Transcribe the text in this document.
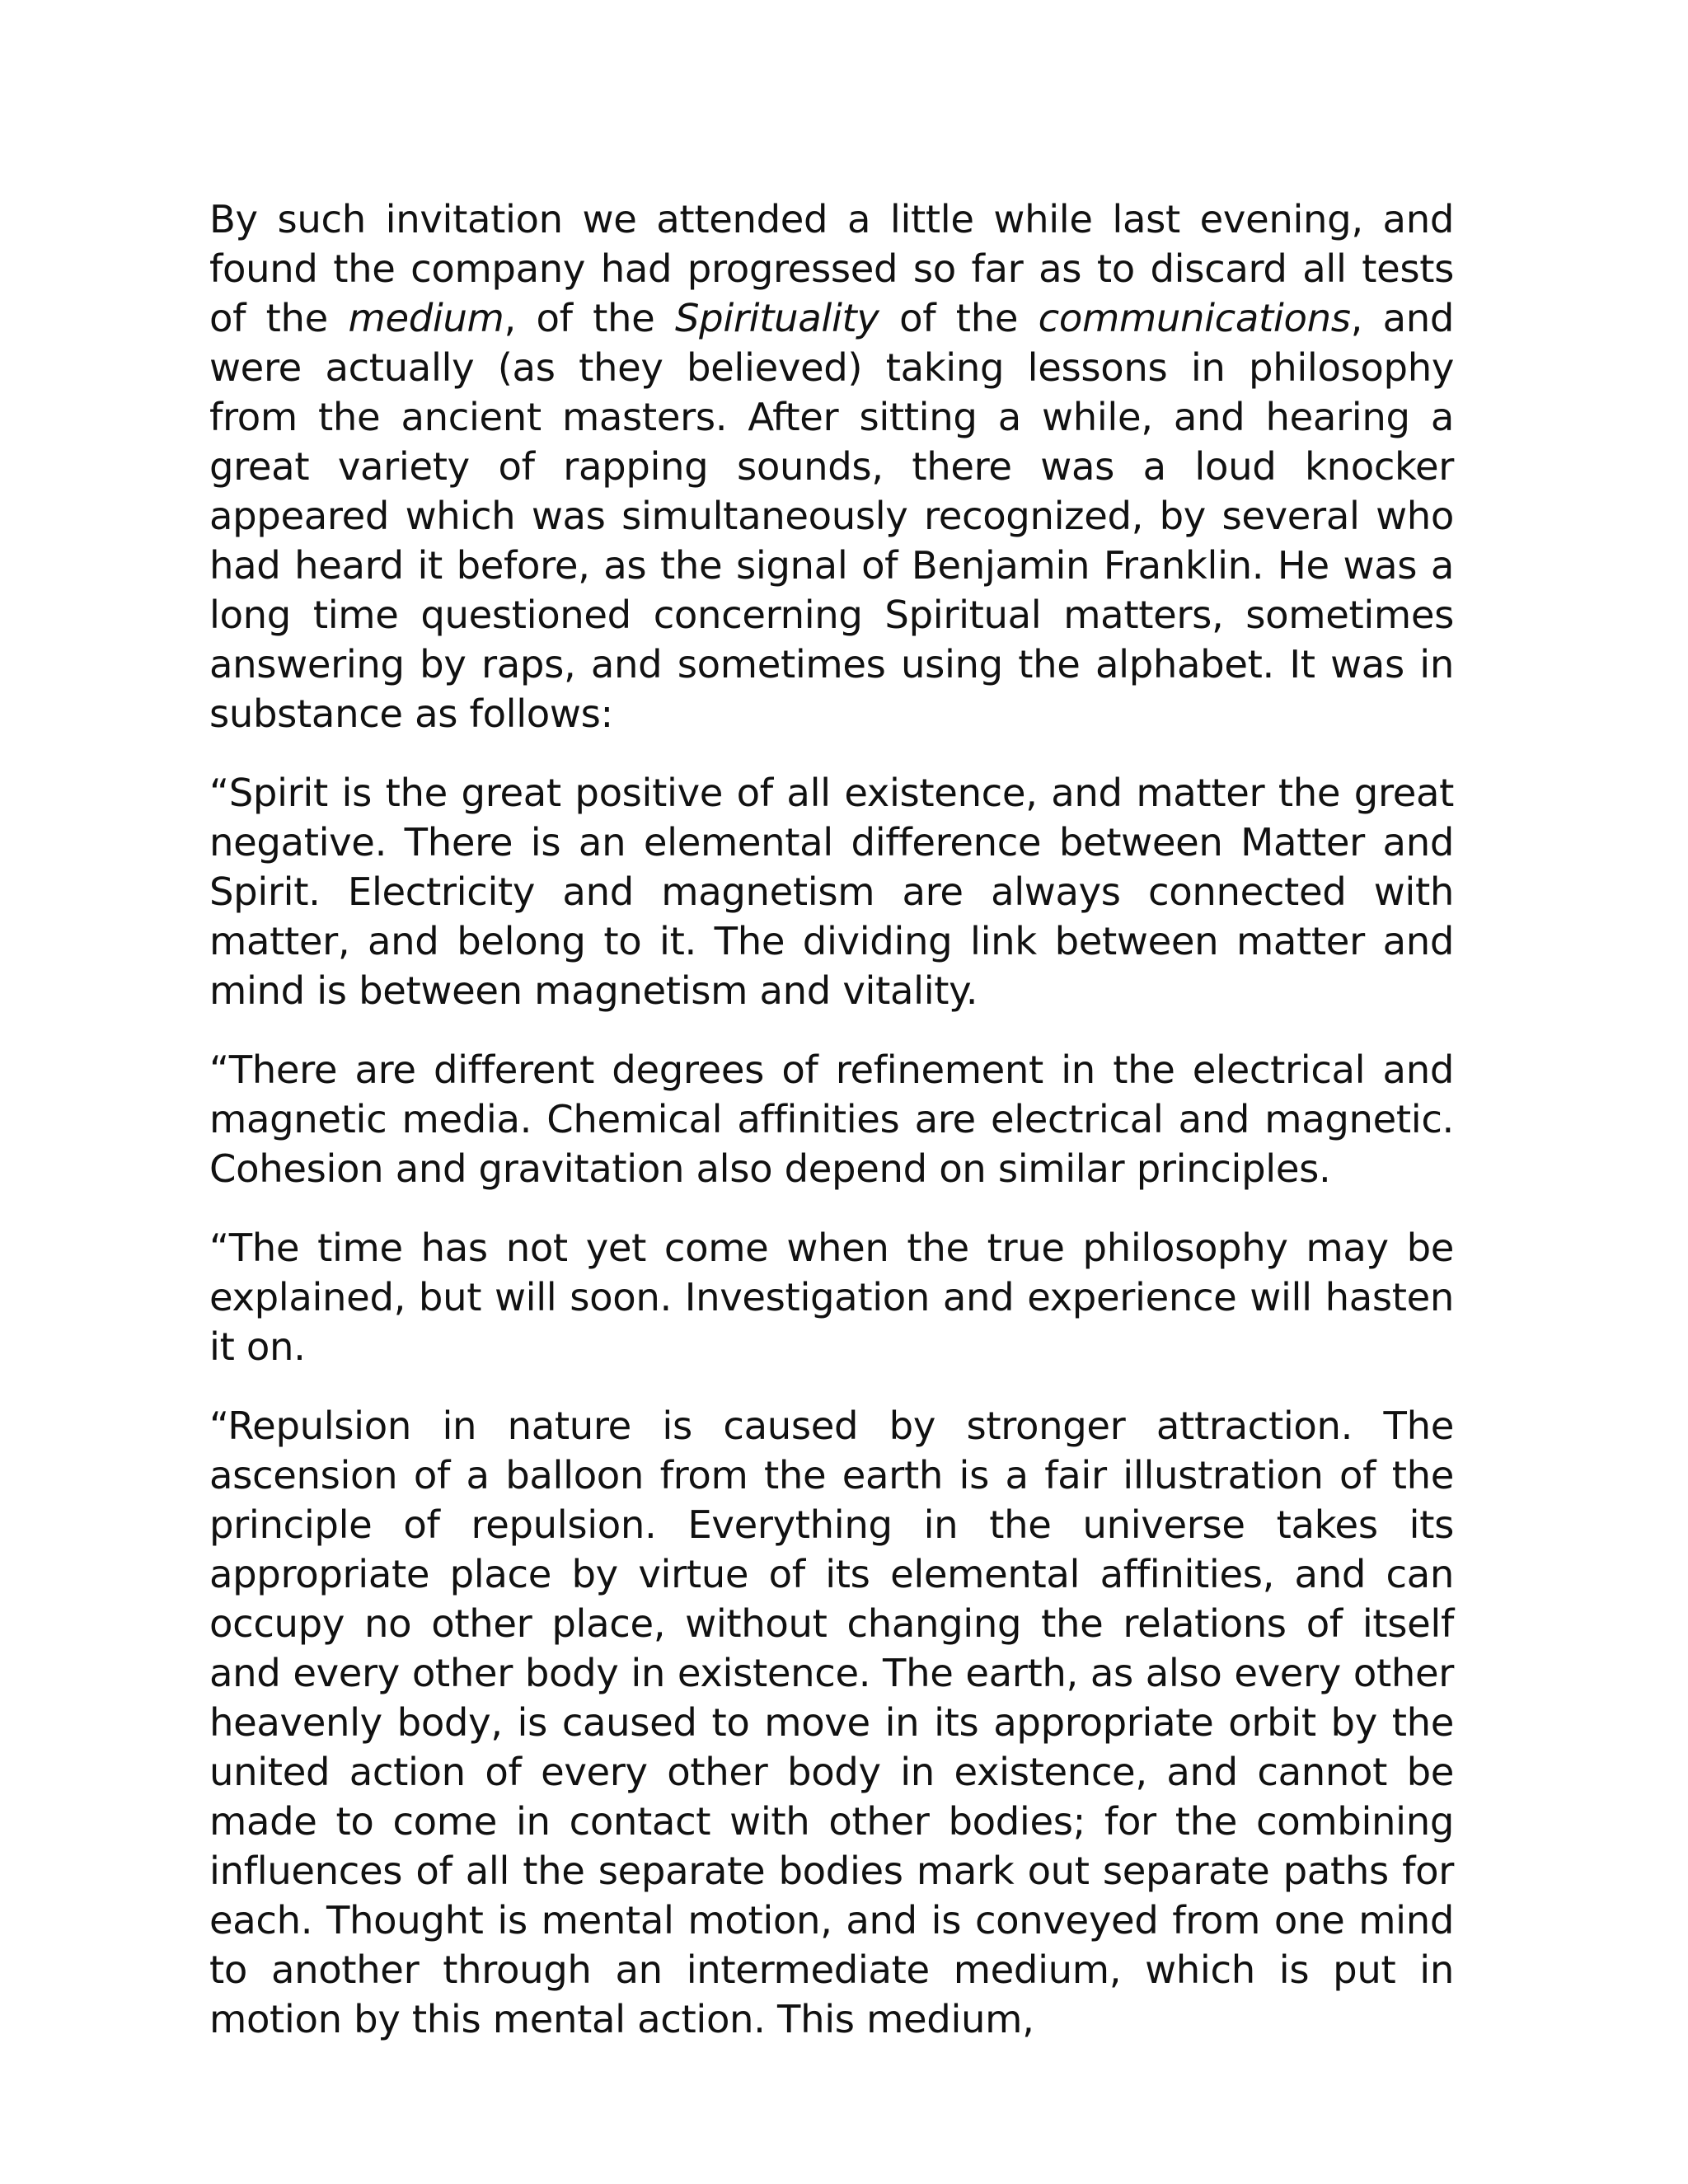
By such invitation we attended a little while last evening, and found the company had progressed so far as to discard all tests of the medium, of the Spirituality of the communications, and were actually (as they believed) taking lessons in philosophy from the ancient masters. After sitting a while, and hearing a great variety of rapping sounds, there was a loud knocker appeared which was simultaneously recognized, by several who had heard it before, as the signal of Benjamin Franklin. He was a long time questioned concerning Spiritual matters, sometimes answering by raps, and sometimes using the alphabet. It was in substance as follows:

“Spirit is the great positive of all existence, and matter the great negative. There is an elemental difference between Matter and Spirit. Electricity and magnetism are always connected with matter, and belong to it. The dividing link between matter and mind is between magnetism and vitality.

“There are different degrees of refinement in the electrical and magnetic media. Chemical affinities are electrical and magnetic. Cohesion and gravitation also depend on similar principles.

“The time has not yet come when the true philosophy may be explained, but will soon. Investigation and experience will hasten it on.

“Repulsion in nature is caused by stronger attraction. The ascension of a balloon from the earth is a fair illustration of the principle of repulsion. Everything in the universe takes its appropriate place by virtue of its elemental affinities, and can occupy no other place, without changing the relations of itself and every other body in existence. The earth, as also every other heavenly body, is caused to move in its appropriate orbit by the united action of every other body in existence, and cannot be made to come in contact with other bodies; for the combining influences of all the separate bodies mark out separate paths for each. Thought is mental motion, and is conveyed from one mind to another through an intermediate medium, which is put in motion by this mental action. This medium,
